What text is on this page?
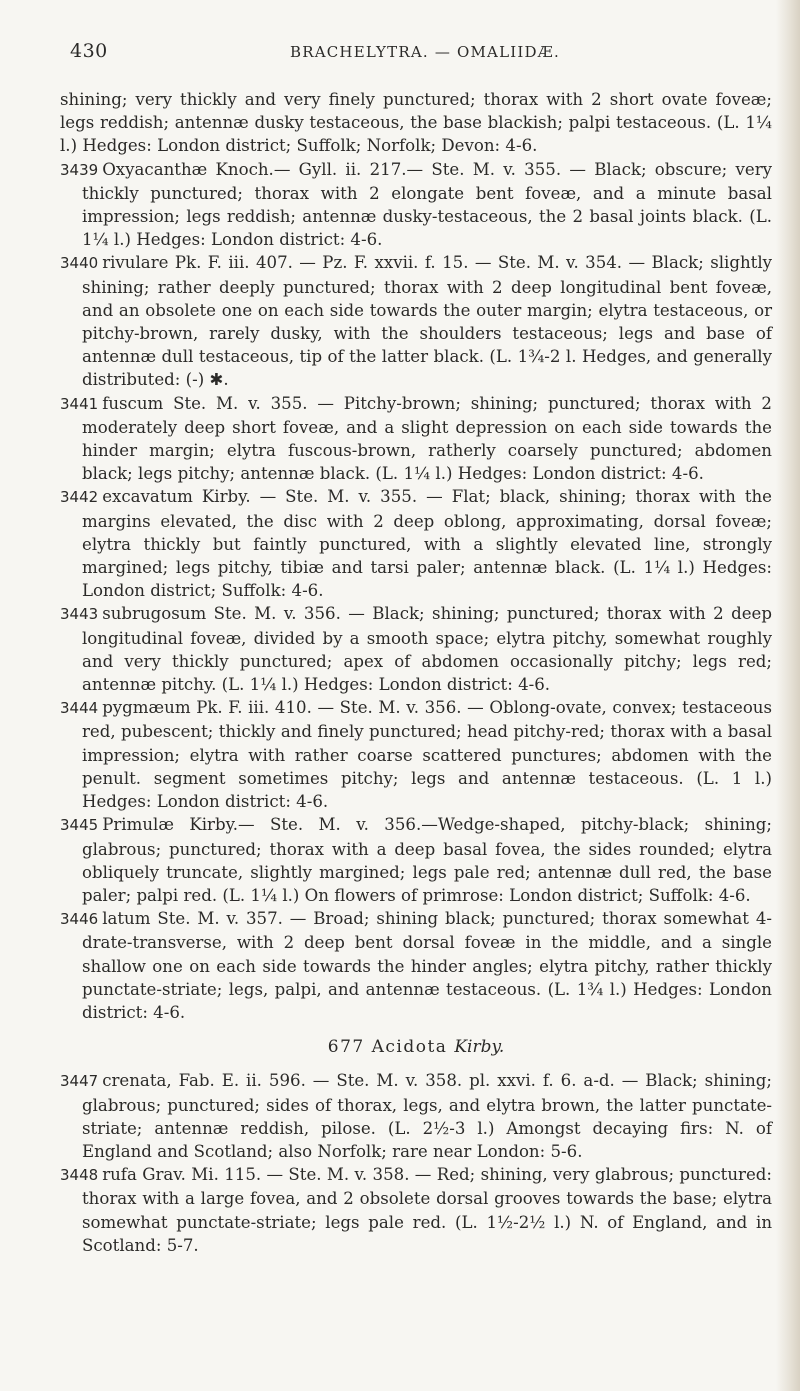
430	BRACHELYTRA. — OMALIIDÆ.

shining; very thickly and very finely punctured; thorax with 2 short ovate foveæ; legs reddish; antennæ dusky testaceous, the base blackish; palpi testaceous. (L. 1¼ l.) Hedges: London district; Suffolk; Norfolk; Devon: 4-6.

3439 Oxyacanthæ Knoch.— Gyll. ii. 217.— Ste. M. v. 355. — Black; obscure; very thickly punctured; thorax with 2 elongate bent foveæ, and a minute basal impression; legs reddish; antennæ dusky-testaceous, the 2 basal joints black. (L. 1¼ l.) Hedges: London district: 4-6.

3440 rivulare Pk. F. iii. 407. — Pz. F. xxvii. f. 15. — Ste. M. v. 354. — Black; slightly shining; rather deeply punctured; thorax with 2 deep longitudinal bent foveæ, and an obsolete one on each side towards the outer margin; elytra testaceous, or pitchy-brown, rarely dusky, with the shoulders testaceous; legs and base of antennæ dull testaceous, tip of the latter black. (L. 1¾-2 l. Hedges, and generally distributed: (-) ✱.

3441 fuscum Ste. M. v. 355. — Pitchy-brown; shining; punctured; thorax with 2 moderately deep short foveæ, and a slight depression on each side towards the hinder margin; elytra fuscous-brown, ratherly coarsely punctured; abdomen black; legs pitchy; antennæ black. (L. 1¼ l.) Hedges: London district: 4-6.

3442 excavatum Kirby. — Ste. M. v. 355. — Flat; black, shining; thorax with the margins elevated, the disc with 2 deep oblong, approximating, dorsal foveæ; elytra thickly but faintly punctured, with a slightly elevated line, strongly margined; legs pitchy, tibiæ and tarsi paler; antennæ black. (L. 1¼ l.) Hedges: London district; Suffolk: 4-6.

3443 subrugosum Ste. M. v. 356. — Black; shining; punctured; thorax with 2 deep longitudinal foveæ, divided by a smooth space; elytra pitchy, somewhat roughly and very thickly punctured; apex of abdomen occasionally pitchy; legs red; antennæ pitchy. (L. 1¼ l.) Hedges: London district: 4-6.

3444 pygmæum Pk. F. iii. 410. — Ste. M. v. 356. — Oblong-ovate, convex; testaceous red, pubescent; thickly and finely punctured; head pitchy-red; thorax with a basal impression; elytra with rather coarse scattered punctures; abdomen with the penult. segment sometimes pitchy; legs and antennæ testaceous. (L. 1 l.) Hedges: London district: 4-6.

3445 Primulæ Kirby.— Ste. M. v. 356.—Wedge-shaped, pitchy-black; shining; glabrous; punctured; thorax with a deep basal fovea, the sides rounded; elytra obliquely truncate, slightly margined; legs pale red; antennæ dull red, the base paler; palpi red. (L. 1¼ l.) On flowers of primrose: London district; Suffolk: 4-6.

3446 latum Ste. M. v. 357. — Broad; shining black; punctured; thorax somewhat 4-drate-transverse, with 2 deep bent dorsal foveæ in the middle, and a single shallow one on each side towards the hinder angles; elytra pitchy, rather thickly punctate-striate; legs, palpi, and antennæ testaceous. (L. 1¾ l.) Hedges: London district: 4-6.

677 Acidota Kirby.

3447 crenata, Fab. E. ii. 596. — Ste. M. v. 358. pl. xxvi. f. 6. a-d. — Black; shining; glabrous; punctured; sides of thorax, legs, and elytra brown, the latter punctate-striate; antennæ reddish, pilose. (L. 2½-3 l.) Amongst decaying firs: N. of England and Scotland; also Norfolk; rare near London: 5-6.

3448 rufa Grav. Mi. 115. — Ste. M. v. 358. — Red; shining, very glabrous; punctured: thorax with a large fovea, and 2 obsolete dorsal grooves towards the base; elytra somewhat punctate-striate; legs pale red. (L. 1½-2½ l.) N. of England, and in Scotland: 5-7.
